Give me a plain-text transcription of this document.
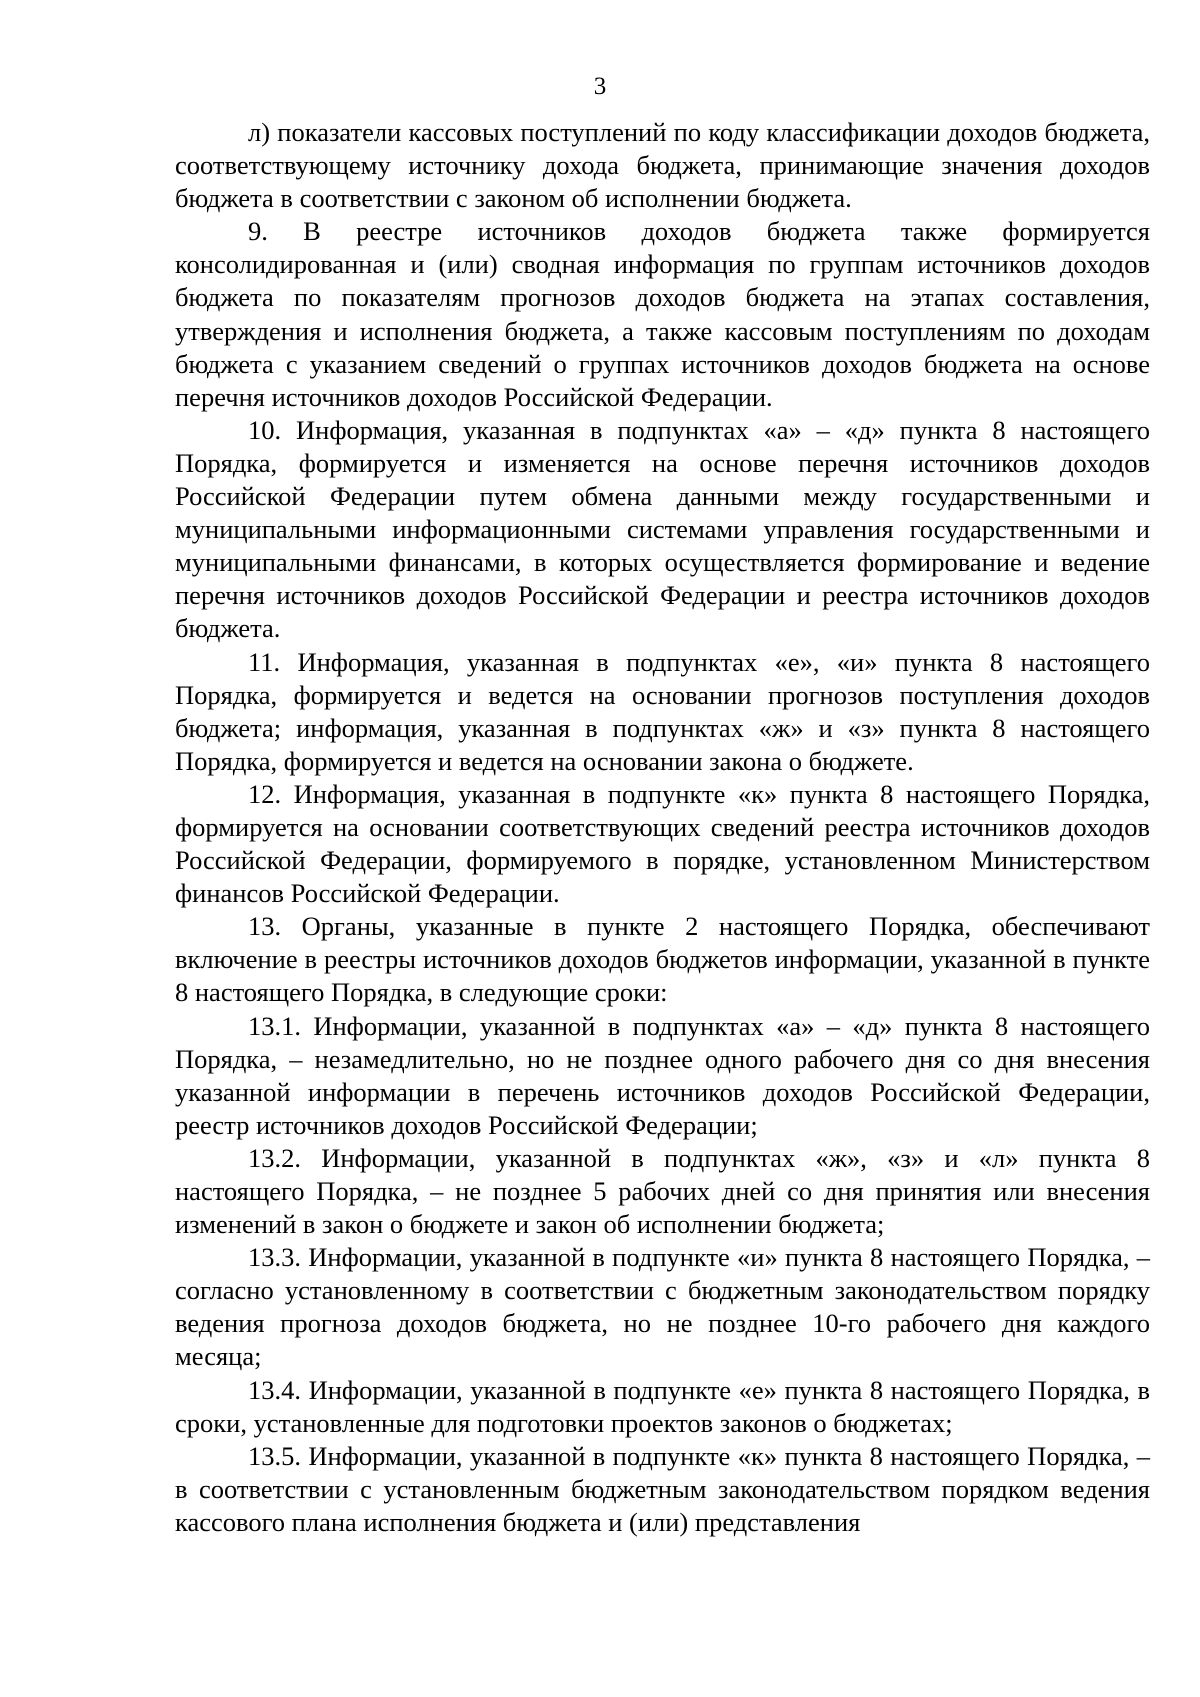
3

л) показатели кассовых поступлений по коду классификации доходов бюджета, соответствующему источнику дохода бюджета, принимающие значения доходов бюджета в соответствии с законом об исполнении бюджета.

9. В реестре источников доходов бюджета также формируется консолидированная и (или) сводная информация по группам источников доходов бюджета по показателям прогнозов доходов бюджета на этапах составления, утверждения и исполнения бюджета, а также кассовым поступлениям по доходам бюджета с указанием сведений о группах источников доходов бюджета на основе перечня источников доходов Российской Федерации.

10. Информация, указанная в подпунктах «а» – «д» пункта 8 настоящего Порядка, формируется и изменяется на основе перечня источников доходов Российской Федерации путем обмена данными между государственными и муниципальными информационными системами управления государственными и муниципальными финансами, в которых осуществляется формирование и ведение перечня источников доходов Российской Федерации и реестра источников доходов бюджета.

11. Информация, указанная в подпунктах «е», «и» пункта 8 настоящего Порядка, формируется и ведется на основании прогнозов поступления доходов бюджета; информация, указанная в подпунктах «ж» и «з» пункта 8 настоящего Порядка, формируется и ведется на основании закона о бюджете.

12. Информация, указанная в подпункте «к» пункта 8 настоящего Порядка, формируется на основании соответствующих сведений реестра источников доходов Российской Федерации, формируемого в порядке, установленном Министерством финансов Российской Федерации.

13. Органы, указанные в пункте 2 настоящего Порядка, обеспечивают включение в реестры источников доходов бюджетов информации, указанной в пункте 8 настоящего Порядка, в следующие сроки:

13.1. Информации, указанной в подпунктах «а» – «д» пункта 8 настоящего Порядка, – незамедлительно, но не позднее одного рабочего дня со дня внесения указанной информации в перечень источников доходов Российской Федерации, реестр источников доходов Российской Федерации;

13.2. Информации, указанной в подпунктах «ж», «з» и «л» пункта 8 настоящего Порядка, – не позднее 5 рабочих дней со дня принятия или внесения изменений в закон о бюджете и закон об исполнении бюджета;

13.3. Информации, указанной в подпункте «и» пункта 8 настоящего Порядка, – согласно установленному в соответствии с бюджетным законодательством порядку ведения прогноза доходов бюджета, но не позднее 10-го рабочего дня каждого месяца;

13.4. Информации, указанной в подпункте «е» пункта 8 настоящего Порядка, в сроки, установленные для подготовки проектов законов о бюджетах;

13.5. Информации, указанной в подпункте «к» пункта 8 настоящего Порядка, – в соответствии с установленным бюджетным законодательством порядком ведения кассового плана исполнения бюджета и (или) представления
